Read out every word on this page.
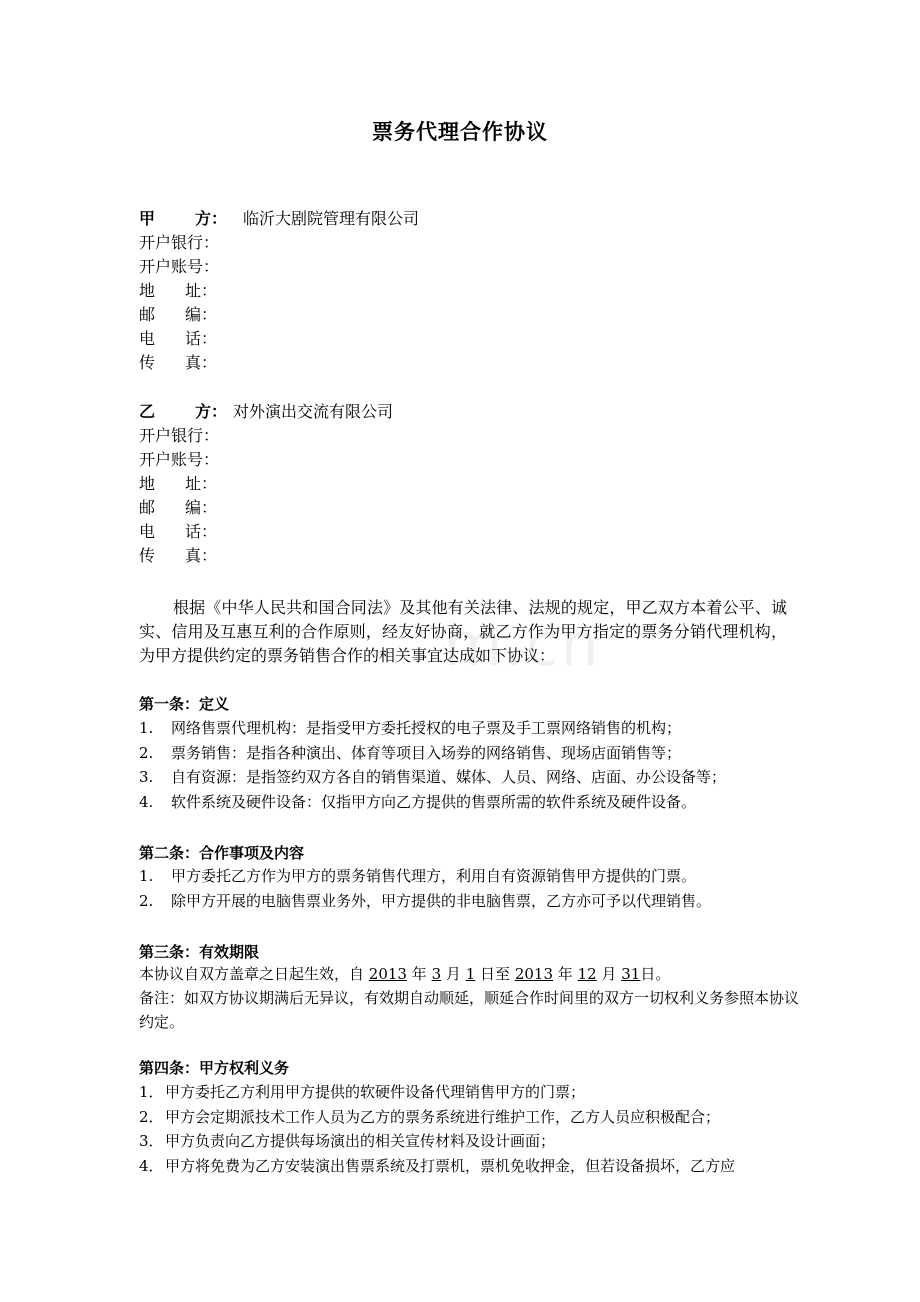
m.cn
票务代理合作协议
甲	方： 临沂大剧院管理有限公司
开户银行：
开户账号：
地 址：
邮 编：
电 话：
传 真：
乙	方： 对外演出交流有限公司
开户银行：
开户账号：
地 址：
邮 编：
电 话：
传 真：
根据《中华人民共和国合同法》及其他有关法律、法规的规定，甲乙双方本着公平、诚实、信用及互惠互利的合作原则，经友好协商，就乙方作为甲方指定的票务分销代理机构，为甲方提供约定的票务销售合作的相关事宜达成如下协议：
第一条：定义
1. 网络售票代理机构：是指受甲方委托授权的电子票及手工票网络销售的机构；
2. 票务销售：是指各种演出、体育等项目入场券的网络销售、现场店面销售等；
3. 自有资源：是指签约双方各自的销售渠道、媒体、人员、网络、店面、办公设备等；
4. 软件系统及硬件设备：仅指甲方向乙方提供的售票所需的软件系统及硬件设备。
第二条：合作事项及内容
1. 甲方委托乙方作为甲方的票务销售代理方，利用自有资源销售甲方提供的门票。
2. 除甲方开展的电脑售票业务外，甲方提供的非电脑售票，乙方亦可予以代理销售。
第三条：有效期限
本协议自双方盖章之日起生效，自 2013 年 3 月 1 日至 2013 年 12 月 31日。
备注：如双方协议期满后无异议，有效期自动顺延，顺延合作时间里的双方一切权利义务参照本协议约定。
第四条：甲方权利义务
1．甲方委托乙方利用甲方提供的软硬件设备代理销售甲方的门票；
2．甲方会定期派技术工作人员为乙方的票务系统进行维护工作，乙方人员应积极配合；
3．甲方负责向乙方提供每场演出的相关宣传材料及设计画面；
4．甲方将免费为乙方安装演出售票系统及打票机，票机免收押金，但若设备损坏，乙方应
